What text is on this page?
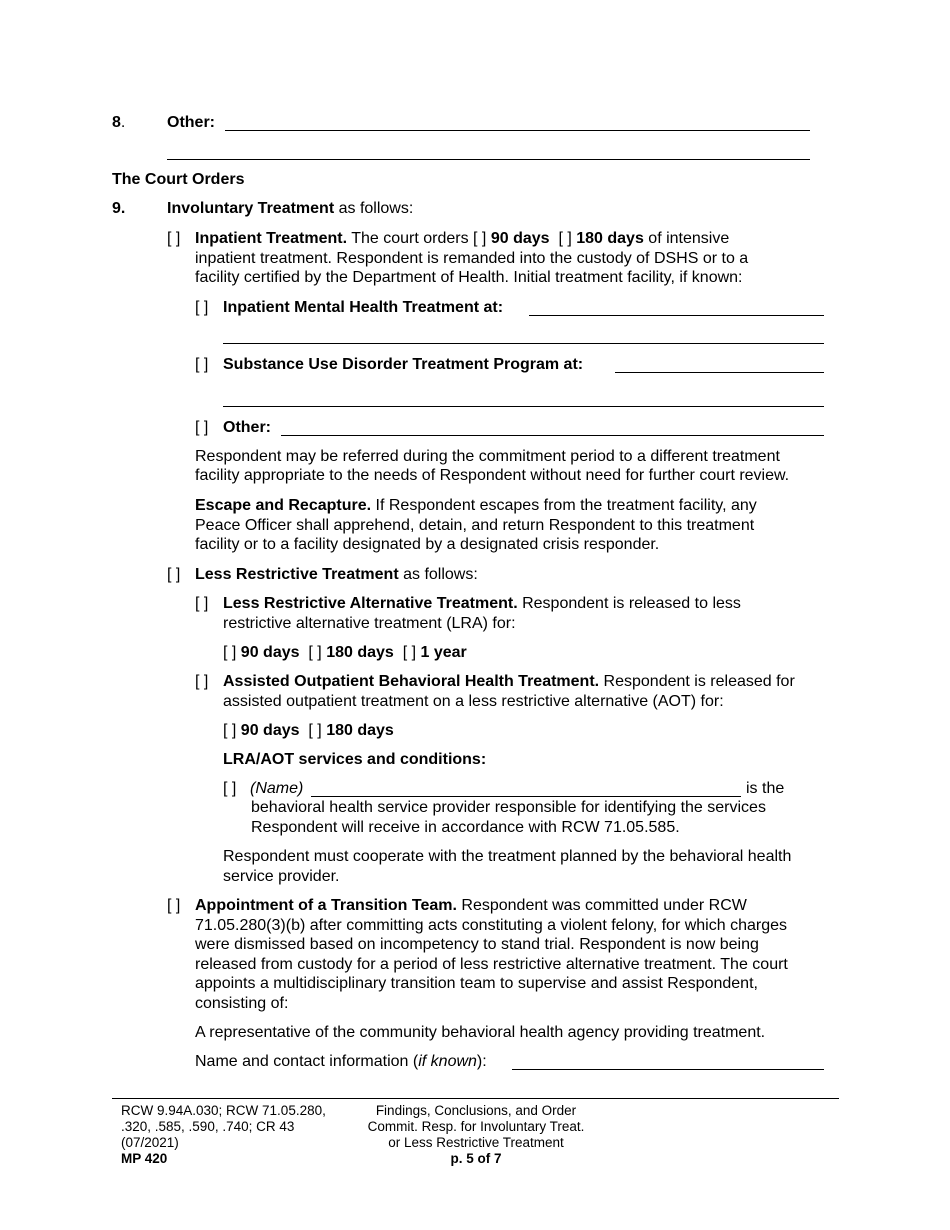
8.	Other:
The Court Orders
9.	Involuntary Treatment as follows:
[ ] Inpatient Treatment. The court orders [ ] 90 days [ ] 180 days of intensive
inpatient treatment. Respondent is remanded into the custody of DSHS or to a
facility certified by the Department of Health. Initial treatment facility, if known:
[ ] Inpatient Mental Health Treatment at:
[ ] Substance Use Disorder Treatment Program at:
[ ] Other:
Respondent may be referred during the commitment period to a different treatment
facility appropriate to the needs of Respondent without need for further court review.
Escape and Recapture. If Respondent escapes from the treatment facility, any
Peace Officer shall apprehend, detain, and return Respondent to this treatment
facility or to a facility designated by a designated crisis responder.
[ ] Less Restrictive Treatment as follows:
[ ] Less Restrictive Alternative Treatment. Respondent is released to less
restrictive alternative treatment (LRA) for:
[ ] 90 days [ ] 180 days [ ] 1 year
[ ] Assisted Outpatient Behavioral Health Treatment. Respondent is released for
assisted outpatient treatment on a less restrictive alternative (AOT) for:
[ ] 90 days [ ] 180 days
LRA/AOT services and conditions:
[ ] (Name)	is the
behavioral health service provider responsible for identifying the services
Respondent will receive in accordance with RCW 71.05.585.
Respondent must cooperate with the treatment planned by the behavioral health
service provider.
[ ] Appointment of a Transition Team. Respondent was committed under RCW
71.05.280(3)(b) after committing acts constituting a violent felony, for which charges
were dismissed based on incompetency to stand trial. Respondent is now being
released from custody for a period of less restrictive alternative treatment. The court
appoints a multidisciplinary transition team to supervise and assist Respondent,
consisting of:
A representative of the community behavioral health agency providing treatment.
Name and contact information (if known):
RCW 9.94A.030; RCW 71.05.280,
.320, .585, .590, .740; CR 43
(07/2021)
MP 420
Findings, Conclusions, and Order
Commit. Resp. for Involuntary Treat.
or Less Restrictive Treatment
p. 5 of 7
